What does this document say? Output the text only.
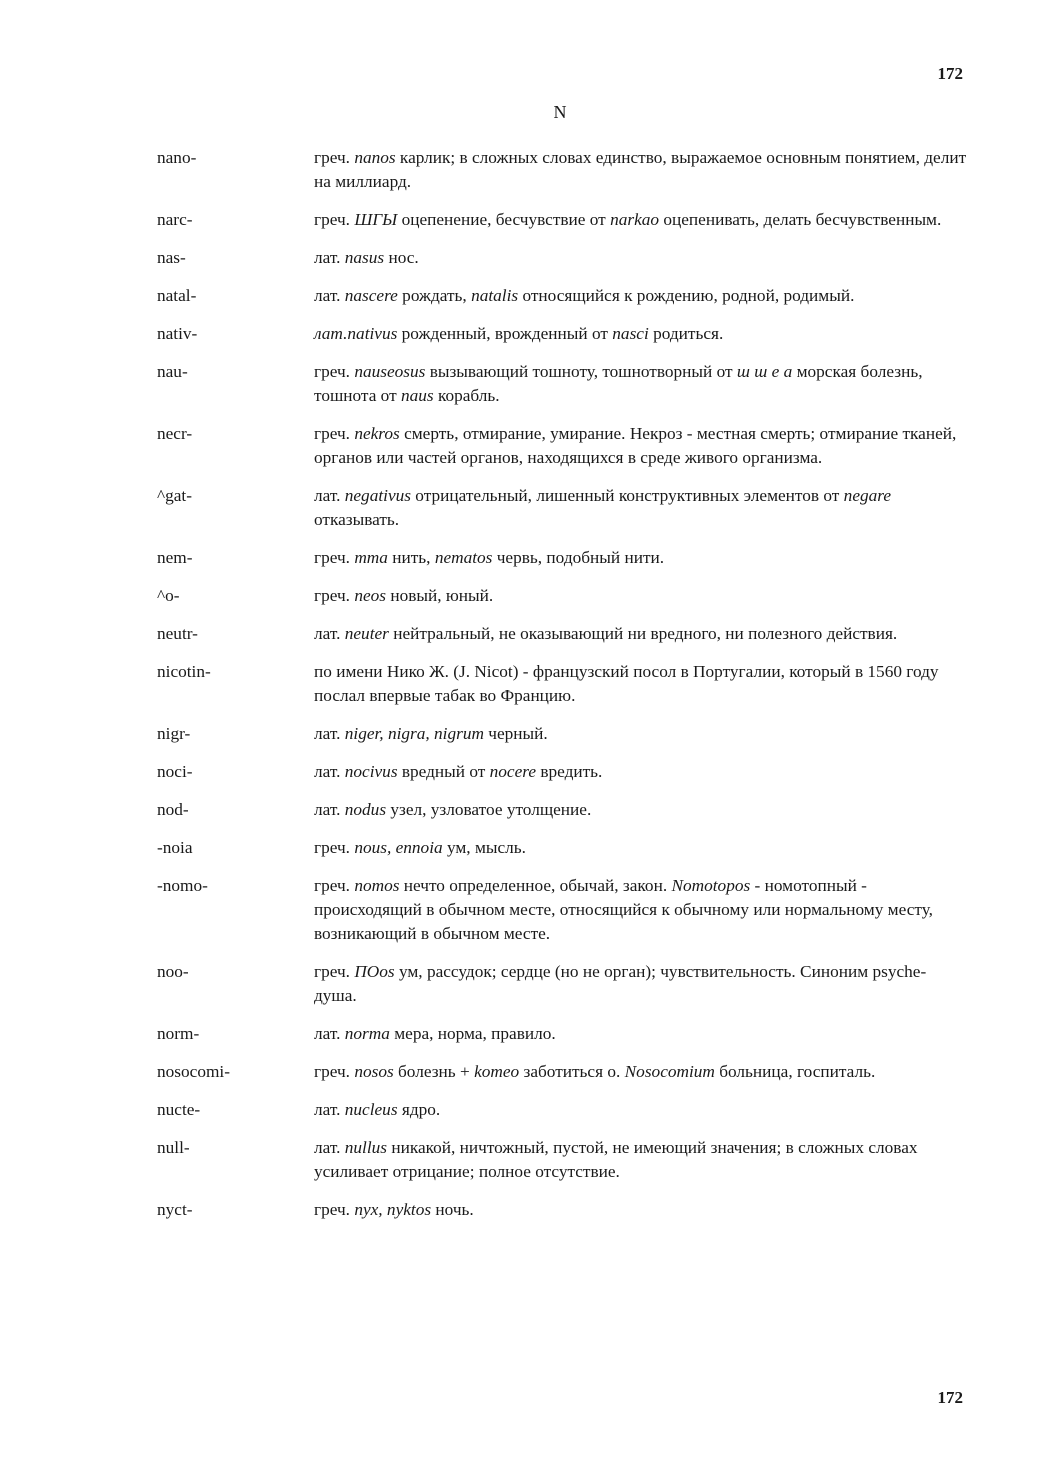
172
N
nano-	греч. nanos карлик; в сложных словах единство, выражаемое основным понятием, делит на миллиард.
narc-	греч. ШГЫ оцепенение, бесчувствие от narkao оцепенивать, делать бесчувственным.
nas-	лат. nasus нос.
natal-	лат. nascere рождать, natalis относящийся к рождению, родной, родимый.
nativ-	лат.nativus рожденный, врожденный от nasci родиться.
nau-	греч. nauseosus вызывающий тошноту, тошнотворный от ш ш е а морская болезнь, тошнота от naus корабль.
necr-	греч. nekros смерть, отмирание, умирание. Некроз - местная смерть; отмирание тканей, органов или частей органов, находящихся в среде живого организма.
^gat-	лат. negativus отрицательный, лишенный конструктивных элементов от negare отказывать.
nem-	греч. mma нить, nematos червь, подобный нити.
^o-	греч. neos новый, юный.
neutr-	лат. neuter нейтральный, не оказывающий ни вредного, ни полезного действия.
nicotin-	по имени Нико Ж. (J. Nicot) - французский посол в Португалии, который в 1560 году послал впервые табак во Францию.
nigr-	лат. niger, nigra, nigrum черный.
noci-	лат. nocivus вредный от nocere вредить.
nod-	лат. nodus узел, узловатое утолщение.
-noia	греч. nous, ennoia ум, мысль.
-nomo-	греч. nomos нечто определенное, обычай, закон. Nomotopos - номотопный - происходящий в обычном месте, относящийся к обычному или нормальному месту, возникающий в обычном месте.
noo-	греч. ПОos ум, рассудок; сердце (но не орган); чувствительность. Синоним psyche-душа.
norm-	лат. norma мера, норма, правило.
nosocomi-	греч. nosos болезнь + komeo заботиться о. Nosocomium больница, госпиталь.
nucte-	лат. nucleus ядро.
null-	лат. nullus никакой, ничтожный, пустой, не имеющий значения; в сложных словах усиливает отрицание; полное отсутствие.
nyct-	греч. nyx, nyktos ночь.
172
